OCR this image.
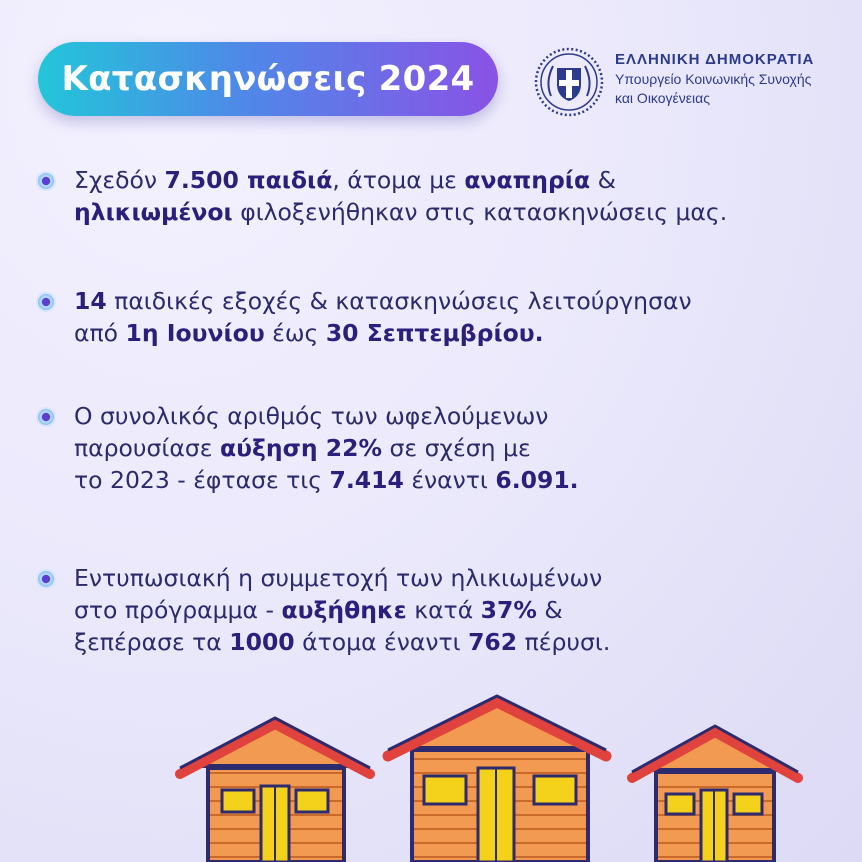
Κατασκηνώσεις 2024	ΕΛΛΗΝΙΚΗ ΔΗΜΟΚΡΑΤΙΑ
Υπουργείο Κοινωνικής Συνοχής
και Οικογένειας
Σχεδόν 7.500 παιδιά, άτομα με αναπηρία &
ηλικιωμένοι φιλοξενήθηκαν στις κατασκηνώσεις μας.
14 παιδικές εξοχές & κατασκηνώσεις λειτούργησαν
από 1η Ιουνίου έως 30 Σεπτεμβρίου.
Ο συνολικός αριθμός των ωφελούμενων
παρουσίασε αύξηση 22% σε σχέση με
το 2023 - έφτασε τις 7.414 έναντι 6.091.
Εντυπωσιακή η συμμετοχή των ηλικιωμένων
στο πρόγραμμα - αυξήθηκε κατά 37% &
ξεπέρασε τα 1000 άτομα έναντι 762 πέρυσι.
